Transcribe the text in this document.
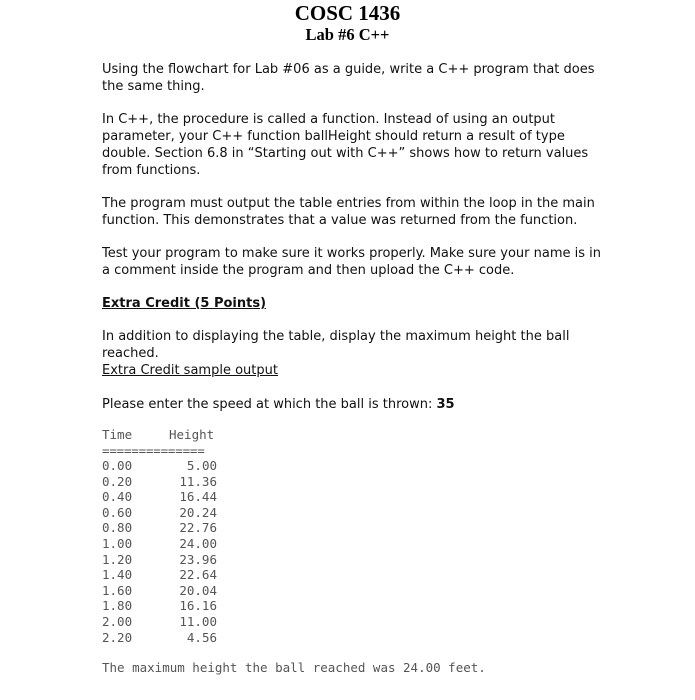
COSC 1436
Lab #6 C++

Using the flowchart for Lab #06 as a guide, write a C++ program that does the same thing.

In C++, the procedure is called a function. Instead of using an output parameter, your C++ function ballHeight should return a result of type double. Section 6.8 in “Starting out with C++” shows how to return values from functions.

The program must output the table entries from within the loop in the main function. This demonstrates that a value was returned from the function.

Test your program to make sure it works properly. Make sure your name is in a comment inside the program and then upload the C++ code.

Extra Credit (5 Points)

In addition to displaying the table, display the maximum height the ball reached.

Extra Credit sample output
Please enter the speed at which the ball is thrown: 35
Time	Height
==============
0.00	5.00
0.20	11.36
0.40	16.44
0.60	20.24
0.80	22.76
1.00	24.00
1.20	23.96
1.40	22.64
1.60	20.04
1.80	16.16
2.00	11.00
2.20	4.56
The maximum height the ball reached was 24.00 feet.
